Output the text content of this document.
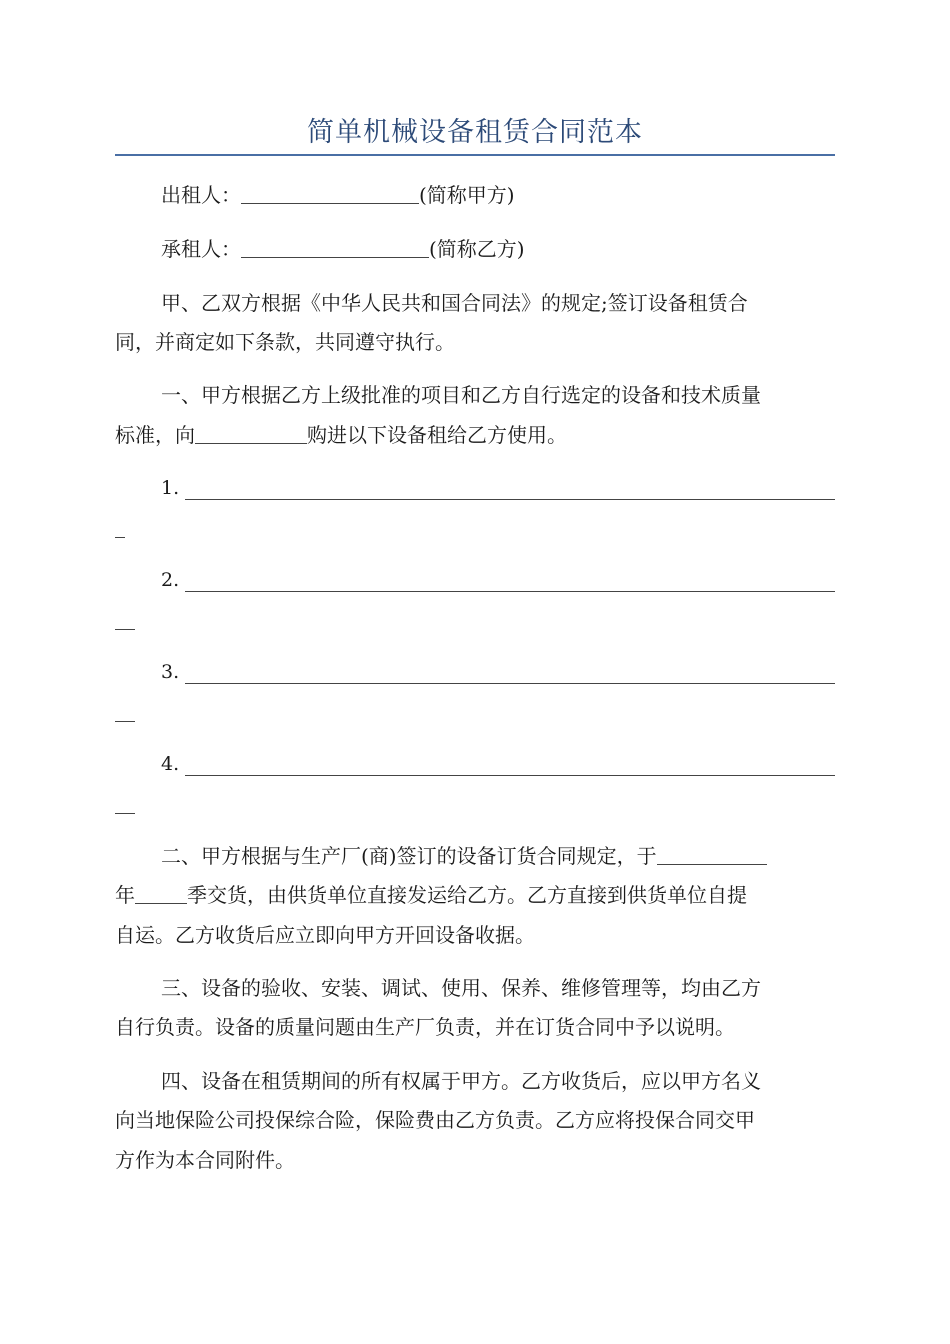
简单机械设备租赁合同范本
出租人：	(简称甲方)
承租人：	(简称乙方)
甲、乙双方根据《中华人民共和国合同法》的规定;签订设备租赁合
同，并商定如下条款，共同遵守执行。
一、甲方根据乙方上级批准的项目和乙方自行选定的设备和技术质量
标准，向	购进以下设备租给乙方使用。
1.
2.
3.
4.
二、甲方根据与生产厂(商)签订的设备订货合同规定，于
年	季交货，由供货单位直接发运给乙方。乙方直接到供货单位自提
自运。乙方收货后应立即向甲方开回设备收据。
三、设备的验收、安装、调试、使用、保养、维修管理等，均由乙方
自行负责。设备的质量问题由生产厂负责，并在订货合同中予以说明。
四、设备在租赁期间的所有权属于甲方。乙方收货后，应以甲方名义
向当地保险公司投保综合险，保险费由乙方负责。乙方应将投保合同交甲
方作为本合同附件。
